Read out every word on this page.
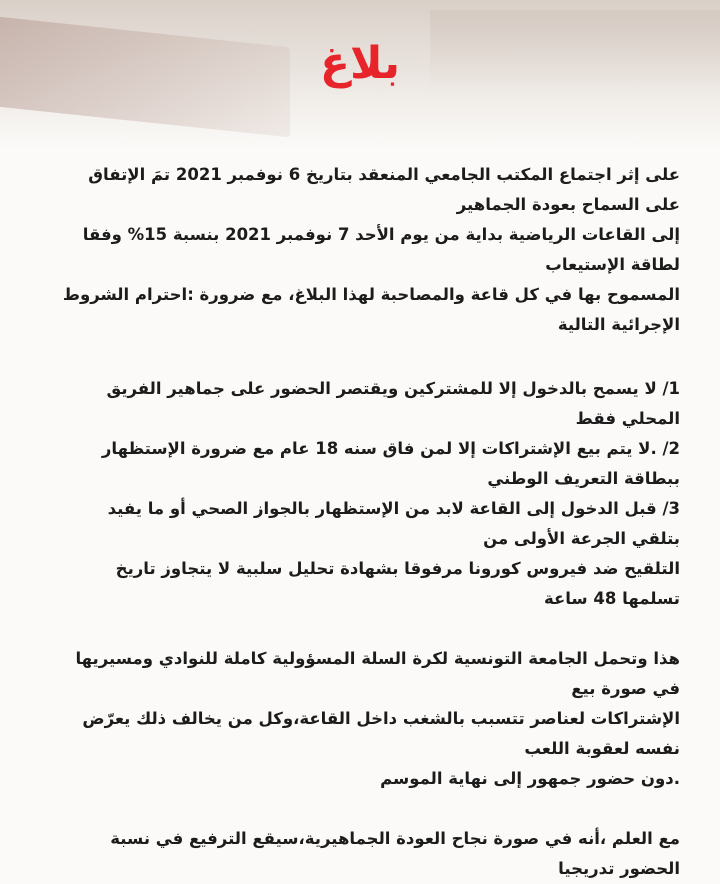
بلاغ

على إثر اجتماع المكتب الجامعي المنعقد بتاريخ 6 نوفمبر 2021 تمَ الإتفاق على السماح بعودة الجماهير

إلى القاعات الرياضية بداية من يوم الأحد 7 نوفمبر 2021 بنسبة 15% وفقا لطاقة الإستيعاب

المسموح بها في كل قاعة والمصاحبة لهذا البلاغ، مع ضرورة :احترام الشروط الإجرائية التالية

1/ لا يسمح بالدخول إلا للمشتركين ويقتصر الحضور على جماهير الفريق المحلي فقط

2/ .لا يتم بيع الإشتراكات إلا لمن فاق سنه 18 عام مع ضرورة الإستظهار ببطاقة التعريف الوطني

3/ قبل الدخول إلى القاعة لابد من الإستظهار بالجواز الصحي أو ما يفيد بتلقي الجرعة الأولى من

التلقيح ضد فيروس كورونا مرفوقا بشهادة تحليل سلبية لا يتجاوز تاريخ تسلمها 48 ساعة

هذا وتحمل الجامعة التونسية لكرة السلة المسؤولية كاملة للنوادي ومسيريها في صورة بيع

الإشتراكات لعناصر تتسبب بالشغب داخل القاعة،وكل من يخالف ذلك يعرّض نفسه لعقوبة اللعب

.دون حضور جمهور إلى نهاية الموسم

مع العلم ،أنه في صورة نجاح العودة الجماهيرية،سيقع الترفيع في نسبة الحضور تدريجيا
